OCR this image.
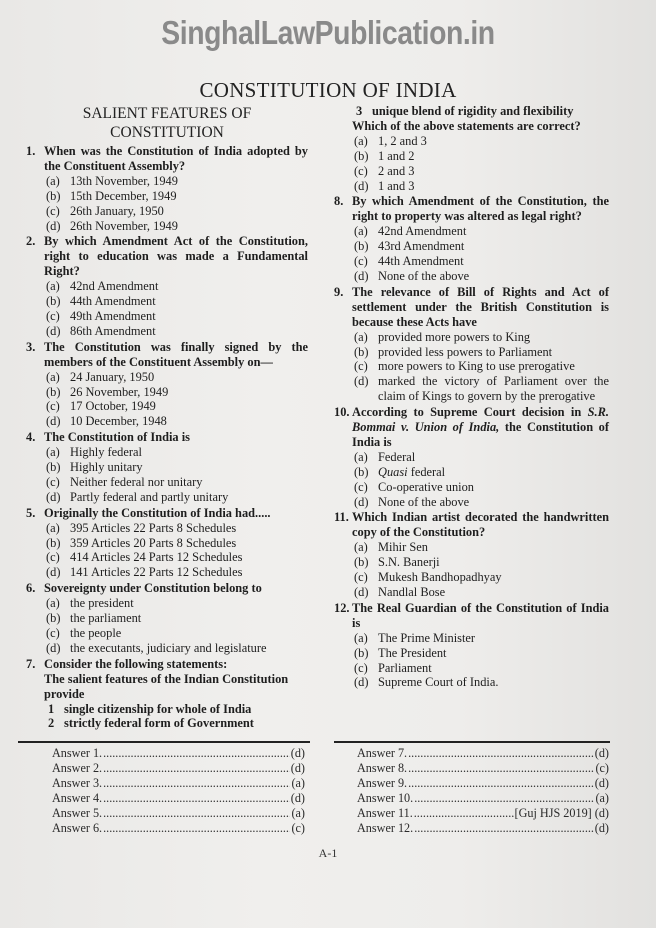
SinghalLawPublication.in
CONSTITUTION OF INDIA
SALIENT FEATURES OF
CONSTITUTION
1. When was the Constitution of India adopted by the Constituent Assembly?
(a) 13th November, 1949
(b) 15th December, 1949
(c) 26th January, 1950
(d) 26th November, 1949
2. By which Amendment Act of the Constitution, right to education was made a Fundamental Right?
(a) 42nd Amendment
(b) 44th Amendment
(c) 49th Amendment
(d) 86th Amendment
3. The Constitution was finally signed by the members of the Constituent Assembly on—
(a) 24 January, 1950
(b) 26 November, 1949
(c) 17 October, 1949
(d) 10 December, 1948
4. The Constitution of India is
(a) Highly federal
(b) Highly unitary
(c) Neither federal nor unitary
(d) Partly federal and partly unitary
5. Originally the Constitution of India had.....
(a) 395 Articles 22 Parts 8 Schedules
(b) 359 Articles 20 Parts 8 Schedules
(c) 414 Articles 24 Parts 12 Schedules
(d) 141 Articles 22 Parts 12 Schedules
6. Sovereignty under Constitution belong to
(a) the president
(b) the parliament
(c) the people
(d) the executants, judiciary and legislature
7. Consider the following statements:
The salient features of the Indian Constitution provide
1 single citizenship for whole of India
2 strictly federal form of Government
3 unique blend of rigidity and flexibility
Which of the above statements are correct?
(a) 1, 2 and 3
(b) 1 and 2
(c) 2 and 3
(d) 1 and 3
8. By which Amendment of the Constitution, the right to property was altered as legal right?
(a) 42nd Amendment
(b) 43rd Amendment
(c) 44th Amendment
(d) None of the above
9. The relevance of Bill of Rights and Act of settlement under the British Constitution is because these Acts have
(a) provided more powers to King
(b) provided less powers to Parliament
(c) more powers to King to use prerogative
(d) marked the victory of Parliament over the claim of Kings to govern by the prerogative
10. According to Supreme Court decision in S.R. Bommai v. Union of India, the Constitution of India is
(a) Federal
(b) Quasi federal
(c) Co-operative union
(d) None of the above
11. Which Indian artist decorated the handwritten copy of the Constitution?
(a) Mihir Sen
(b) S.N. Banerji
(c) Mukesh Bandhopadhyay
(d) Nandlal Bose
12. The Real Guardian of the Constitution of India is
(a) The Prime Minister
(b) The President
(c) Parliament
(d) Supreme Court of India.
Answer 1. .....	(d)
Answer 2. .....	(d)
Answer 3. .....	(a)
Answer 4. .....	(d)
Answer 5. .....	(a)
Answer 6. .....	(c)
Answer 7. .....	(d)
Answer 8. .....	(c)
Answer 9. .....	(d)
Answer 10. .....	(a)
Answer 11. .....	[Guj HJS 2019] (d)
Answer 12. .....	(d)
A-1
